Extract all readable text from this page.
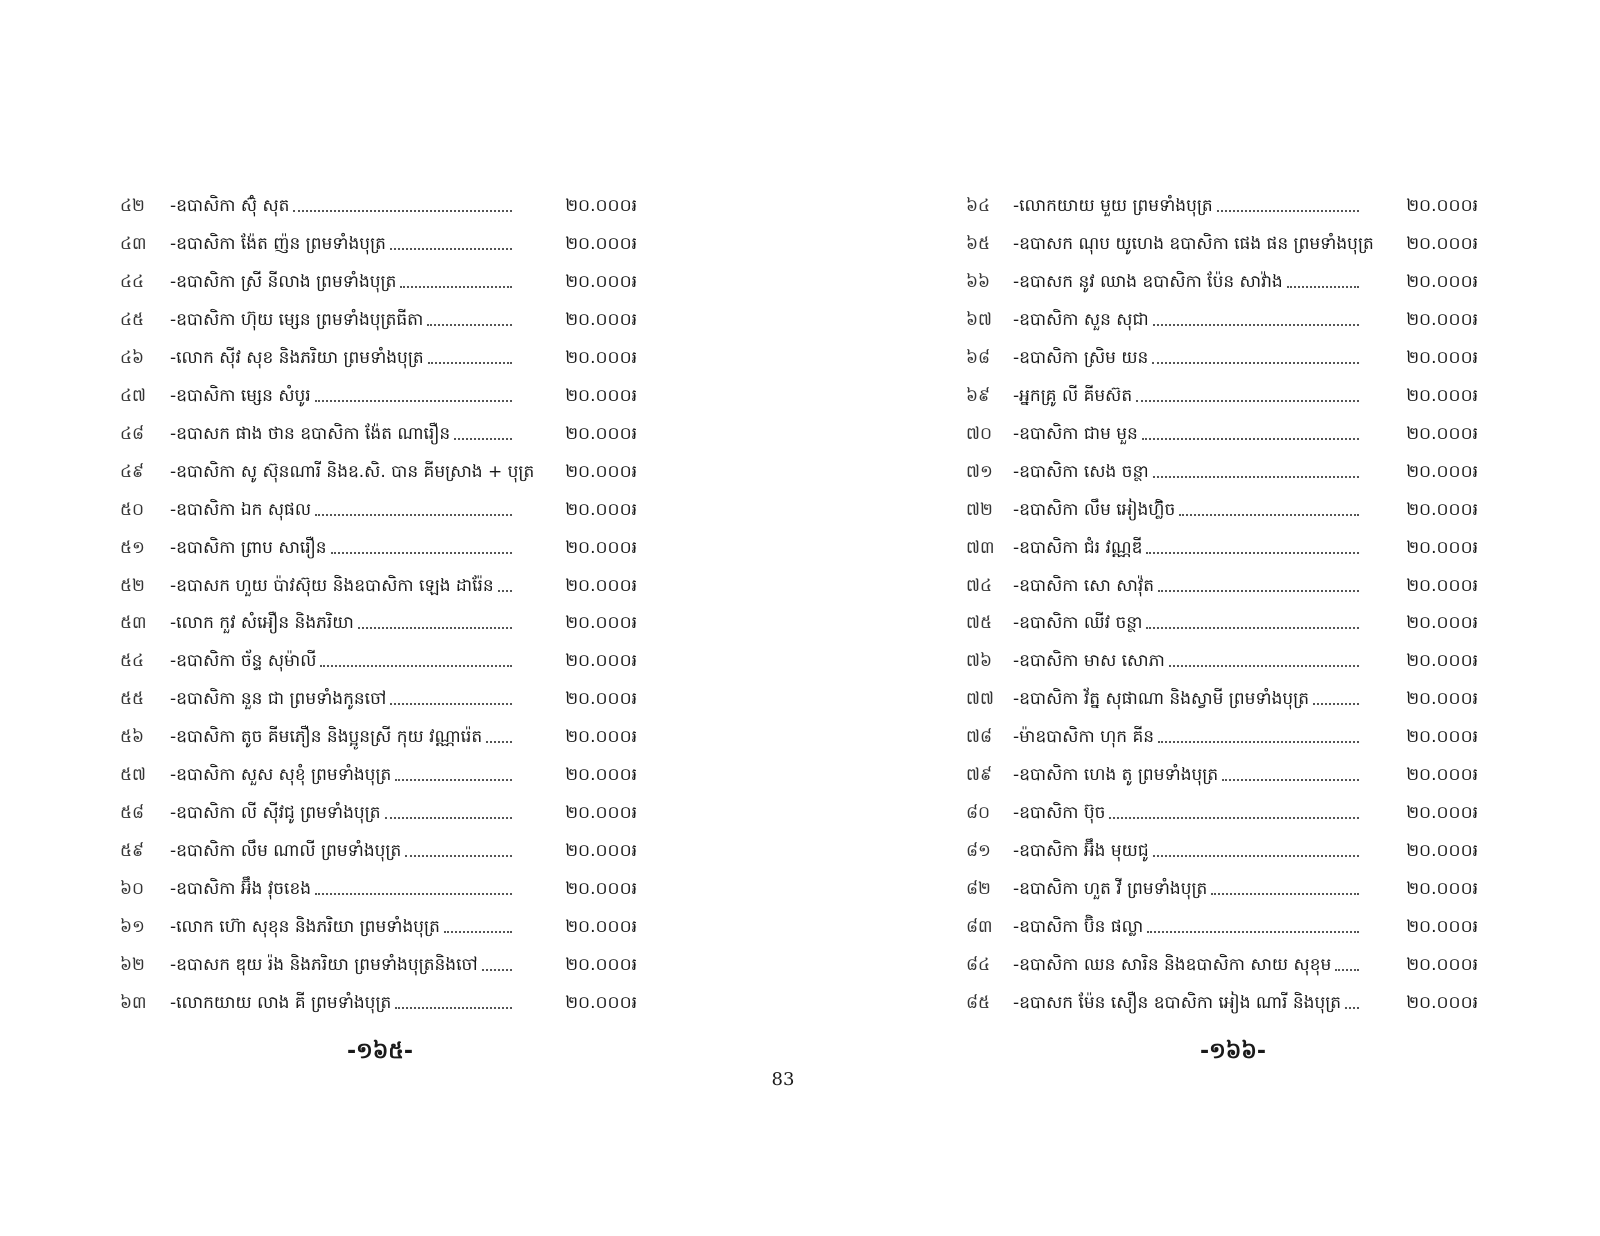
៤២	-ឧបាសិកា ស៊ុំ សុត	២០.០០០៛
៤៣	-ឧបាសិកា ង៉ែត ញ៉ន ព្រមទាំងបុត្រ	២០.០០០៛
៤៤	-ឧបាសិកា ស្រី នីលាង ព្រមទាំងបុត្រ	២០.០០០៛
៤៥	-ឧបាសិកា ហ៊ុយ ម្សេន ព្រមទាំងបុត្រធីតា	២០.០០០៛
៤៦	-លោក ស៊ីវ សុខ និងភរិយា ព្រមទាំងបុត្រ	២០.០០០៛
៤៧	-ឧបាសិកា ម្សេន សំបូរ	២០.០០០៛
៤៨	-ឧបាសក ផាង ថាន ឧបាសិកា ង៉ែត ណារឿន	២០.០០០៛
៤៩	-ឧបាសិកា សូ ស៊ុនណារី និងឧ.សិ. បាន គីមស្រាង + បុត្រ	២០.០០០៛
៥០	-ឧបាសិកា ឯក សុផល	២០.០០០៛
៥១	-ឧបាសិកា ព្រាប សារឿន	២០.០០០៛
៥២	-ឧបាសក ហួយ ប៉ាវស៊ុយ និងឧបាសិកា ឡេង ដារ៉ែន	២០.០០០៛
៥៣	-លោក កួវ សំអឿន និងភរិយា	២០.០០០៛
៥៤	-ឧបាសិកា ច័ន្ទ សុម៉ាលី	២០.០០០៛
៥៥	-ឧបាសិកា នួន ជា ព្រមទាំងកូនចៅ	២០.០០០៛
៥៦	-ឧបាសិកា តូច គីមភឿន និងប្អូនស្រី កុយ វណ្ណារ៉េត	២០.០០០៛
៥៧	-ឧបាសិកា សួស សុខុំ ព្រមទាំងបុត្រ	២០.០០០៛
៥៨	-ឧបាសិកា លី ស៊ីវជូ ព្រមទាំងបុត្រ	២០.០០០៛
៥៩	-ឧបាសិកា លឹម ណាលី ព្រមទាំងបុត្រ	២០.០០០៛
៦០	-ឧបាសិកា អ៊ឹង វុចខេង	២០.០០០៛
៦១	-លោក ហ៊ោ សុខុន និងភរិយា ព្រមទាំងបុត្រ	២០.០០០៛
៦២	-ឧបាសក ឌុយ រ៉ង និងភរិយា ព្រមទាំងបុត្រនិងចៅ	២០.០០០៛
៦៣	-លោកយាយ លាង គី ព្រមទាំងបុត្រ	២០.០០០៛
-១៦៥-
៦៤	-លោកយាយ មួយ ព្រមទាំងបុត្រ	២០.០០០៛
៦៥	-ឧបាសក ណុប យូហេង ឧបាសិកា ផេង ផន ព្រមទាំងបុត្រ	២០.០០០៛
៦៦	-ឧបាសក នូវ ឈាង ឧបាសិកា ប៉ែន សាវ៉ាង	២០.០០០៛
៦៧	-ឧបាសិកា សួន សុជា	២០.០០០៛
៦៨	-ឧបាសិកា ស្រិម យន	២០.០០០៛
៦៩	-អ្នកគ្រូ លី គីមស៊ត	២០.០០០៛
៧០	-ឧបាសិកា ជាម មួន	២០.០០០៛
៧១	-ឧបាសិកា សេង ចន្ថា	២០.០០០៛
៧២	-ឧបាសិកា លឹម អៀងហ៊្លិច	២០.០០០៛
៧៣	-ឧបាសិកា ជំរ វណ្ណឌី	២០.០០០៛
៧៤	-ឧបាសិកា សោ សាវ៉ុត	២០.០០០៛
៧៥	-ឧបាសិកា ឈីវ ចន្ថា	២០.០០០៛
៧៦	-ឧបាសិកា មាស សោភា	២០.០០០៛
៧៧	-ឧបាសិកា វ័ត្ន សុផាណា និងស្វាមី ព្រមទាំងបុត្រ	២០.០០០៛
៧៨	-ម៉ាឧបាសិកា ហុក គីន	២០.០០០៛
៧៩	-ឧបាសិកា ហេង តូ ព្រមទាំងបុត្រ	២០.០០០៛
៨០	-ឧបាសិកា ប៊ុច	២០.០០០៛
៨១	-ឧបាសិកា អ៊ឹង មុយជូ	២០.០០០៛
៨២	-ឧបាសិកា ហួត វី ព្រមទាំងបុត្រ	២០.០០០៛
៨៣	-ឧបាសិកា ប៊ិន ផល្លា	២០.០០០៛
៨៤	-ឧបាសិកា ឈន សារិន និងឧបាសិកា សាយ សុខុម	២០.០០០៛
៨៥	-ឧបាសក ម៉ែន សឿន ឧបាសិកា អៀង ណារី និងបុត្រ	២០.០០០៛
-១៦៦-
83
